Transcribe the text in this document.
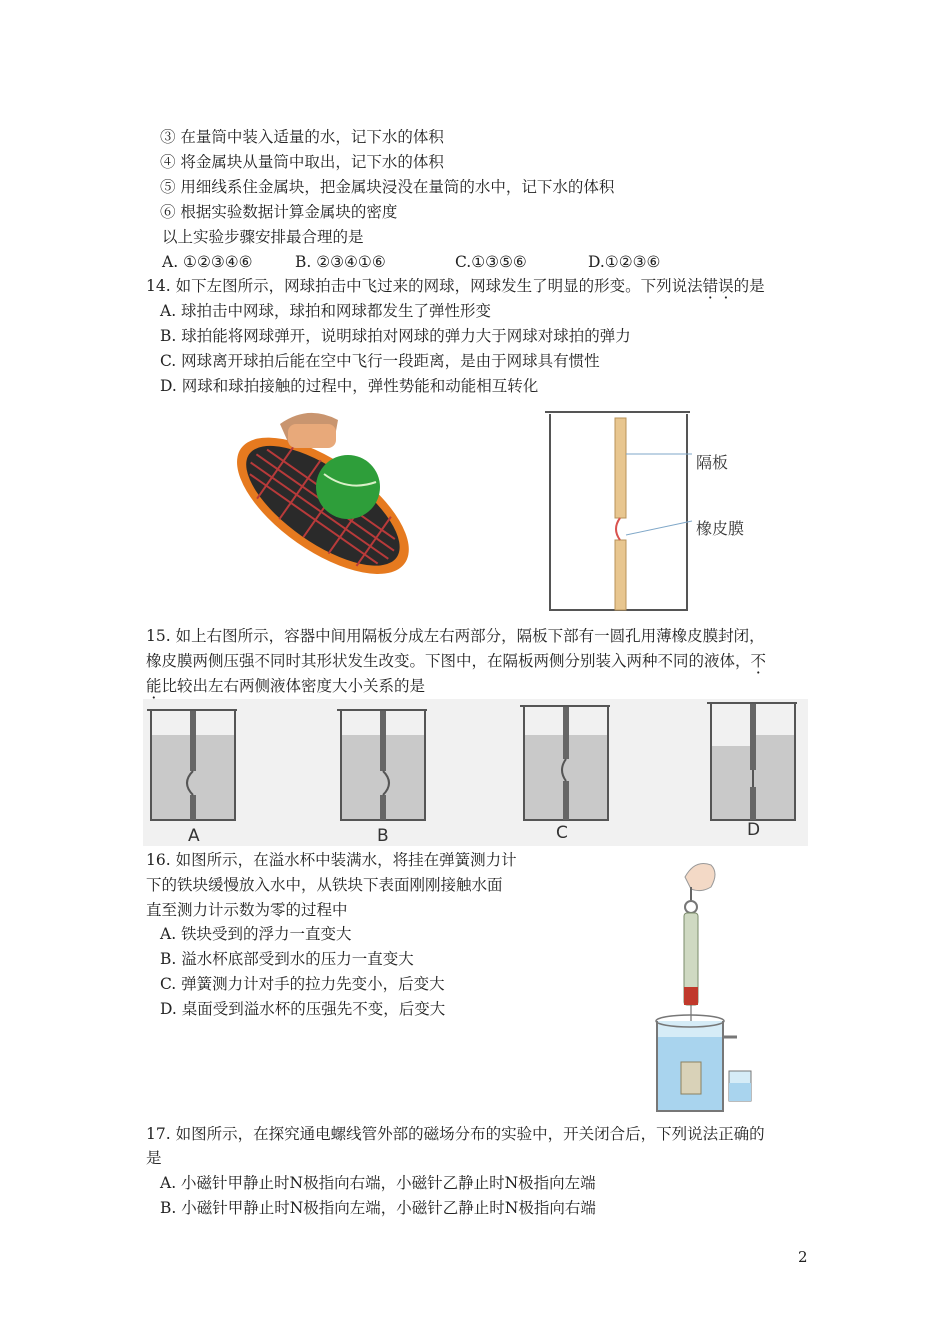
③ 在量筒中装入适量的水，记下水的体积
④ 将金属块从量筒中取出，记下水的体积
⑤ 用细线系住金属块，把金属块浸没在量筒的水中，记下水的体积
⑥ 根据实验数据计算金属块的密度
以上实验步骤安排最合理的是
A. ①②③④⑥	B. ②③④①⑥	C.①③⑤⑥	D.①②③⑥
14. 如下左图所示，网球拍击中飞过来的网球，网球发生了明显的形变。下列说法错误的是
A. 球拍击中网球，球拍和网球都发生了弹性形变
B. 球拍能将网球弹开，说明球拍对网球的弹力大于网球对球拍的弹力
C. 网球离开球拍后能在空中飞行一段距离，是由于网球具有惯性
D. 网球和球拍接触的过程中，弹性势能和动能相互转化
隔板
橡皮膜
15. 如上右图所示，容器中间用隔板分成左右两部分，隔板下部有一圆孔用薄橡皮膜封闭，
橡皮膜两侧压强不同时其形状发生改变。下图中，在隔板两侧分别装入两种不同的液体，不
能比较出左右两侧液体密度大小关系的是
A	B	C	D
16. 如图所示，在溢水杯中装满水，将挂在弹簧测力计
下的铁块缓慢放入水中，从铁块下表面刚刚接触水面
直至测力计示数为零的过程中
A. 铁块受到的浮力一直变大
B. 溢水杯底部受到水的压力一直变大
C. 弹簧测力计对手的拉力先变小，后变大
D. 桌面受到溢水杯的压强先不变，后变大
17. 如图所示，在探究通电螺线管外部的磁场分布的实验中，开关闭合后，下列说法正确的
是
A. 小磁针甲静止时N极指向右端，小磁针乙静止时N极指向左端
B. 小磁针甲静止时N极指向左端，小磁针乙静止时N极指向右端
2
